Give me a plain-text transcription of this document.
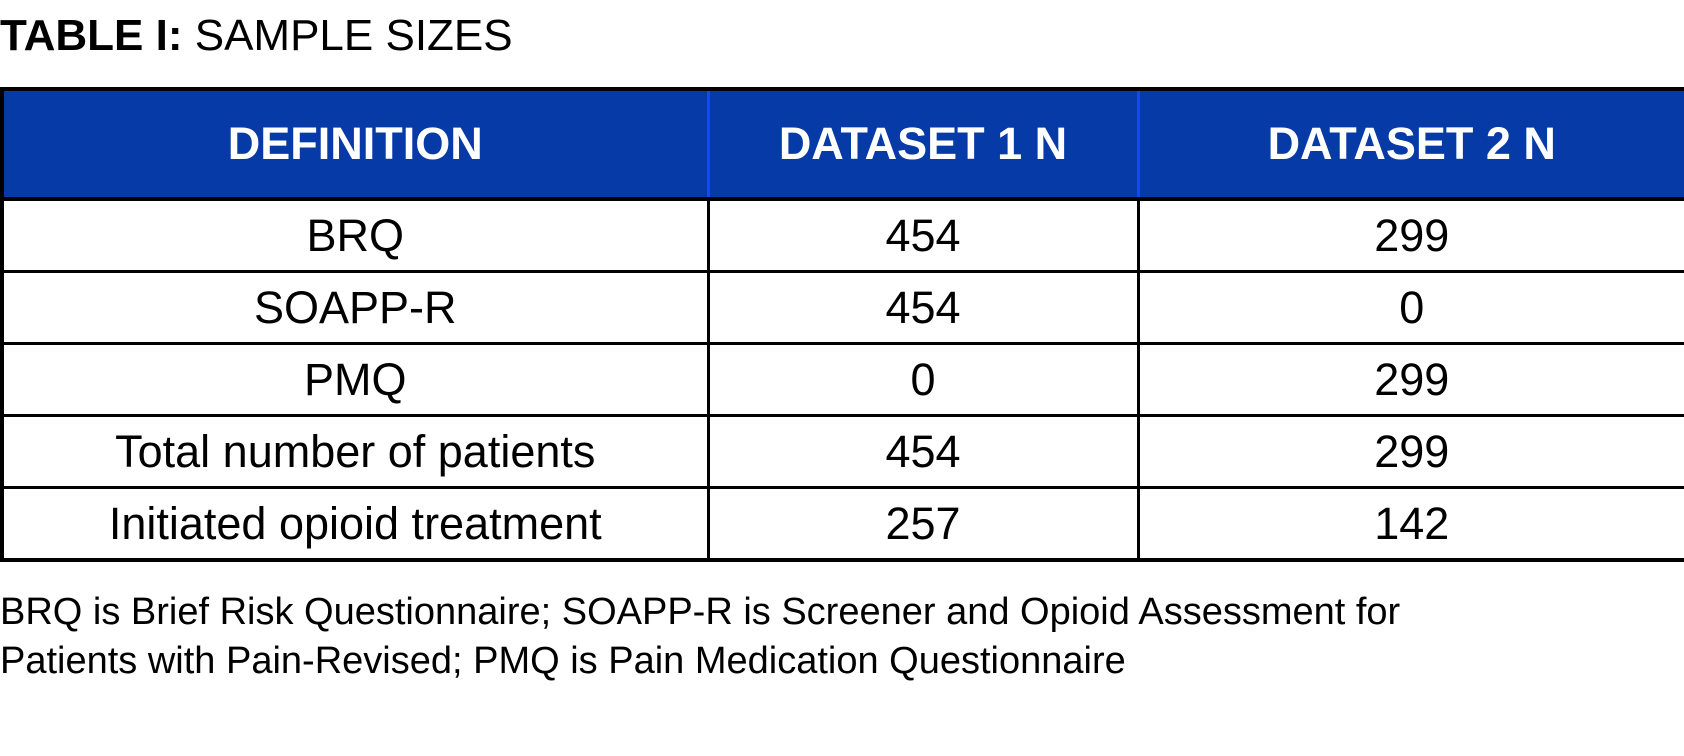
TABLE I: SAMPLE SIZES
DEFINITION	DATASET 1 N	DATASET 2 N
BRQ	454	299
SOAPP-R	454	0
PMQ	0	299
Total number of patients	454	299
Initiated opioid treatment	257	142
BRQ is Brief Risk Questionnaire; SOAPP-R is Screener and Opioid Assessment for
Patients with Pain-Revised; PMQ is Pain Medication Questionnaire
